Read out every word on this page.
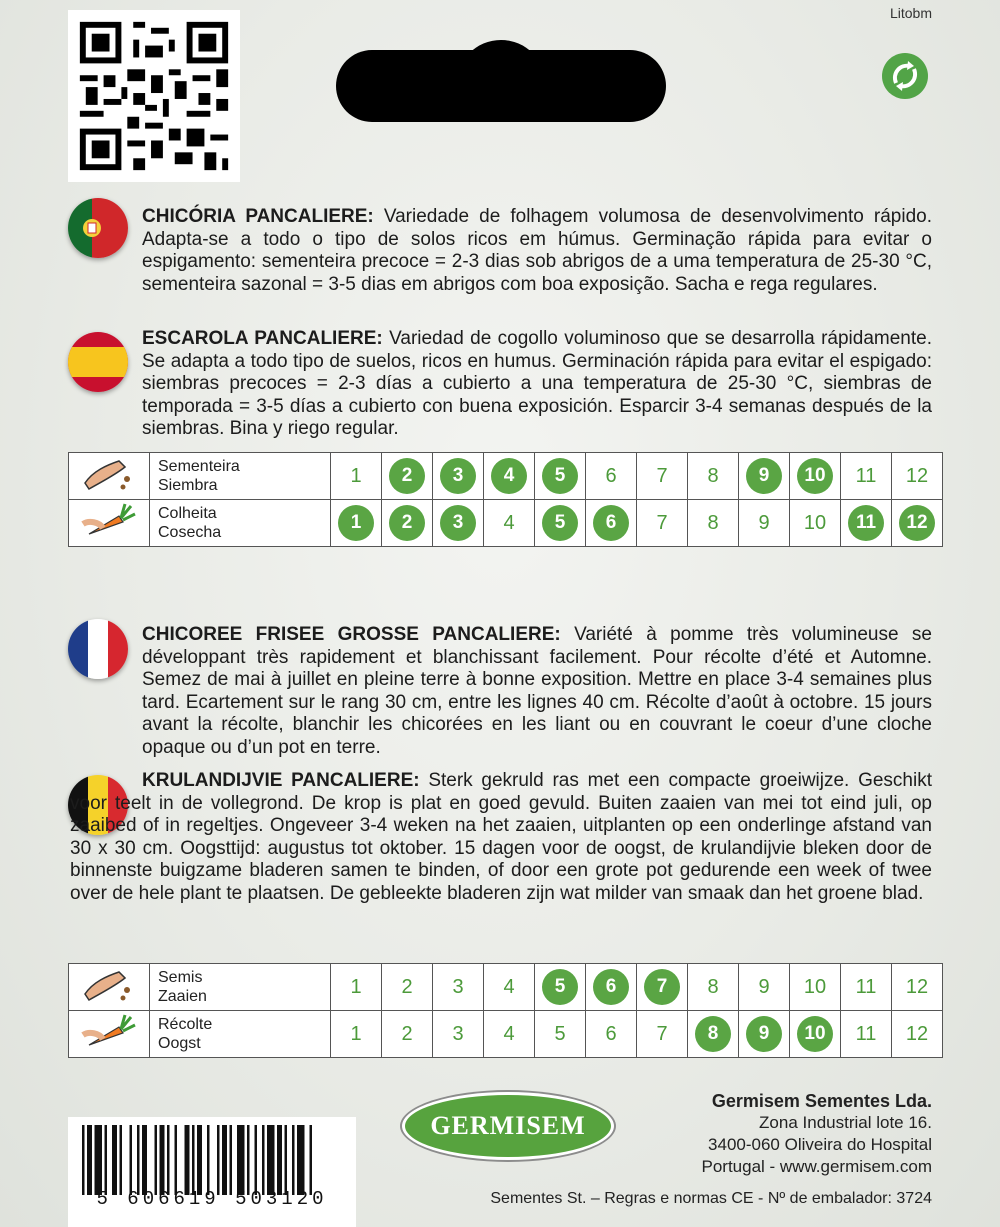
Litobm
CHICÓRIA PANCALIERE: Variedade de folhagem volumosa de desenvolvimento rápido. Adapta-se a todo o tipo de solos ricos em húmus. Germinação rápida para evitar o espigamento: sementeira precoce = 2-3 dias sob abrigos de a uma temperatura de 25-30 °C, sementeira sazonal = 3-5 dias em abrigos com boa exposição. Sacha e rega regulares.
ESCAROLA PANCALIERE: Variedad de cogollo voluminoso que se desarrolla rápidamente. Se adapta a todo tipo de suelos, ricos en humus. Germinación rápida para evitar el espigado: siembras precoces = 2-3 días a cubierto a una temperatura de 25-30 °C, siembras de temporada = 3-5 días a cubierto con buena exposición. Esparcir 3-4 semanas después de la siembras. Bina y riego regular.

Sementeira
Siembra	1	2	3	4	5	6	7	8	9	10	11	12

Colheita
Cosecha	1	2	3	4	5	6	7	8	9	10	11	12
CHICOREE FRISEE GROSSE PANCALIERE: Variété à pomme très volumineuse se développant très rapidement et blanchissant facilement. Pour récolte d’été et Automne. Semez de mai à juillet en pleine terre à bonne exposition. Mettre en place 3-4 semaines plus tard. Ecartement sur le rang 30 cm, entre les lignes 40 cm. Récolte d’août à octobre. 15 jours avant la récolte, blanchir les chicorées en les liant ou en couvrant le coeur d’une cloche opaque ou d’un pot en terre.
KRULANDIJVIE PANCALIERE: Sterk gekruld ras met een compacte groeiwijze. Geschikt voor teelt in de vollegrond. De krop is plat en goed gevuld. Buiten zaaien van mei tot eind juli, op zaaibed of in regeltjes. Ongeveer 3-4 weken na het zaaien, uitplanten op een onderlinge afstand van 30 x 30 cm. Oogsttijd: augustus tot oktober. 15 dagen voor de oogst, de krulandijvie bleken door de binnenste buigzame bladeren samen te binden, of door een grote pot gedurende een week of twee over de hele plant te plaatsen. De gebleekte bladeren zijn wat milder van smaak dan het groene blad.

Semis
Zaaien	1	2	3	4	5	6	7	8	9	10	11	12

Récolte
Oogst	1	2	3	4	5	6	7	8	9	10	11	12
5 606619 503120
GERMISEM
Germisem Sementes Lda.
Zona Industrial lote 16.
3400-060 Oliveira do Hospital
Portugal - www.germisem.com
Sementes St. – Regras e normas CE - Nº de embalador: 3724
